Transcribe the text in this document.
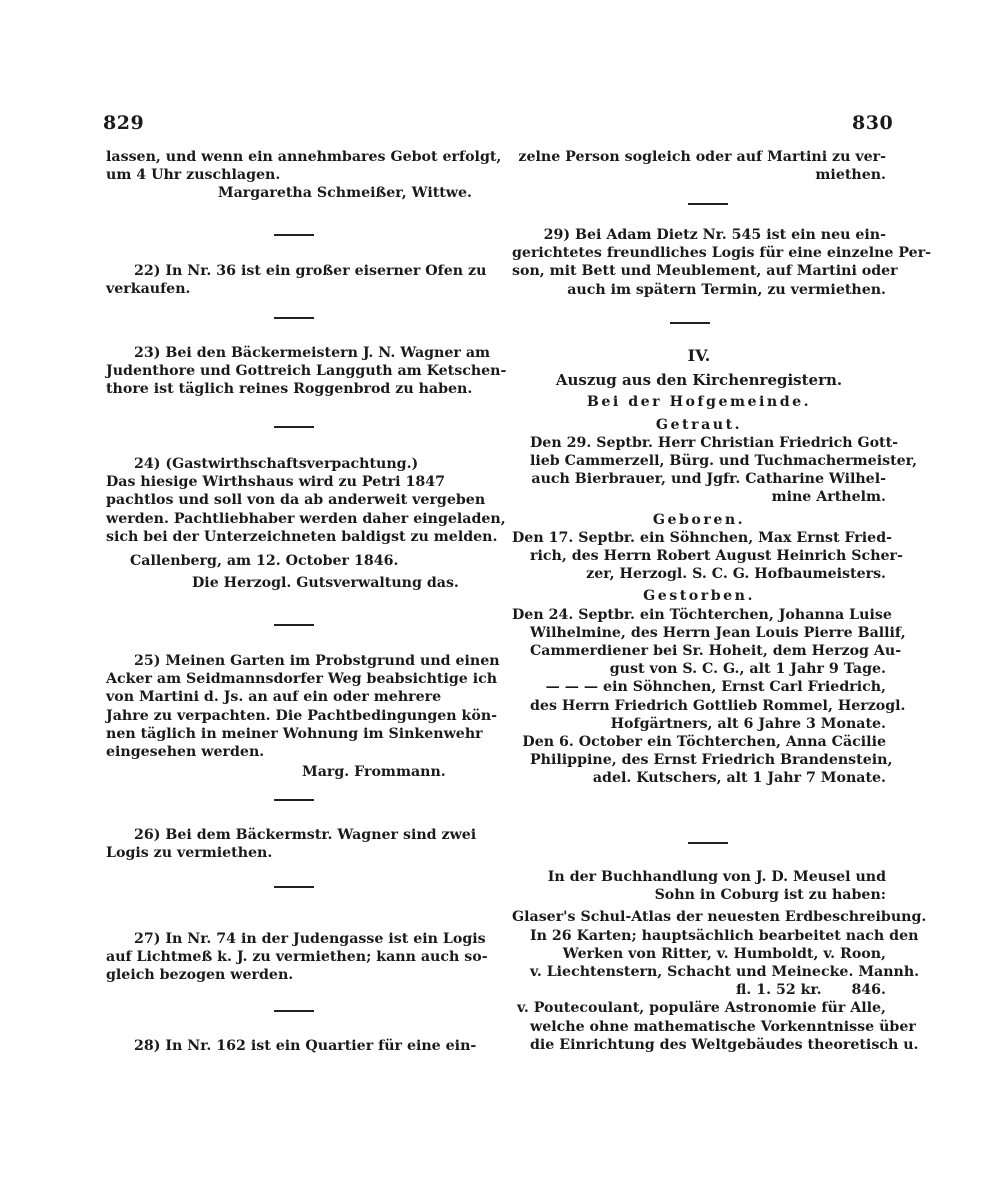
829	830
lassen, und wenn ein annehmbares Gebot erfolgt,
um 4 Uhr zuschlagen.
Margaretha Schmeißer, Wittwe.
22) In Nr. 36 ist ein großer eiserner Ofen zu
verkaufen.
23) Bei den Bäckermeistern J. N. Wagner am
Judenthore und Gottreich Langguth am Ketschen-
thore ist täglich reines Roggenbrod zu haben.
24) (Gastwirthschaftsverpachtung.)
Das hiesige Wirthshaus wird zu Petri 1847
pachtlos und soll von da ab anderweit vergeben
werden. Pachtliebhaber werden daher eingeladen,
sich bei der Unterzeichneten baldigst zu melden.
Callenberg, am 12. October 1846.
Die Herzogl. Gutsverwaltung das.
25) Meinen Garten im Probstgrund und einen
Acker am Seidmannsdorfer Weg beabsichtige ich
von Martini d. Js. an auf ein oder mehrere
Jahre zu verpachten. Die Pachtbedingungen kön-
nen täglich in meiner Wohnung im Sinkenwehr
eingesehen werden.
Marg. Frommann.
26) Bei dem Bäckermstr. Wagner sind zwei
Logis zu vermiethen.
27) In Nr. 74 in der Judengasse ist ein Logis
auf Lichtmeß k. J. zu vermiethen; kann auch so-
gleich bezogen werden.
28) In Nr. 162 ist ein Quartier für eine ein-
zelne Person sogleich oder auf Martini zu ver-
miethen.
29) Bei Adam Dietz Nr. 545 ist ein neu ein-
gerichtetes freundliches Logis für eine einzelne Per-
son, mit Bett und Meublement, auf Martini oder
auch im spätern Termin, zu vermiethen.
IV.
Auszug aus den Kirchenregistern.
Bei der Hofgemeinde.
Getraut.
Den 29. Septbr. Herr Christian Friedrich Gott-
lieb Cammerzell, Bürg. und Tuchmachermeister,
auch Bierbrauer, und Jgfr. Catharine Wilhel-
mine Arthelm.
Geboren.
Den 17. Septbr. ein Söhnchen, Max Ernst Fried-
rich, des Herrn Robert August Heinrich Scher-
zer, Herzogl. S. C. G. Hofbaumeisters.
Gestorben.
Den 24. Septbr. ein Töchterchen, Johanna Luise
Wilhelmine, des Herrn Jean Louis Pierre Ballif,
Cammerdiener bei Sr. Hoheit, dem Herzog Au-
gust von S. C. G., alt 1 Jahr 9 Tage.
— — — ein Söhnchen, Ernst Carl Friedrich,
des Herrn Friedrich Gottlieb Rommel, Herzogl.
Hofgärtners, alt 6 Jahre 3 Monate.
Den 6. October ein Töchterchen, Anna Cäcilie
Philippine, des Ernst Friedrich Brandenstein,
adel. Kutschers, alt 1 Jahr 7 Monate.
In der Buchhandlung von J. D. Meusel und
Sohn in Coburg ist zu haben:
Glaser's Schul-Atlas der neuesten Erdbeschreibung.
In 26 Karten; hauptsächlich bearbeitet nach den
Werken von Ritter, v. Humboldt, v. Roon,
v. Liechtenstern, Schacht und Meinecke. Mannh.
846.
fl. 1. 52 kr.
v. Poutecoulant, populäre Astronomie für Alle,
welche ohne mathematische Vorkenntnisse über
die Einrichtung des Weltgebäudes theoretisch u.
